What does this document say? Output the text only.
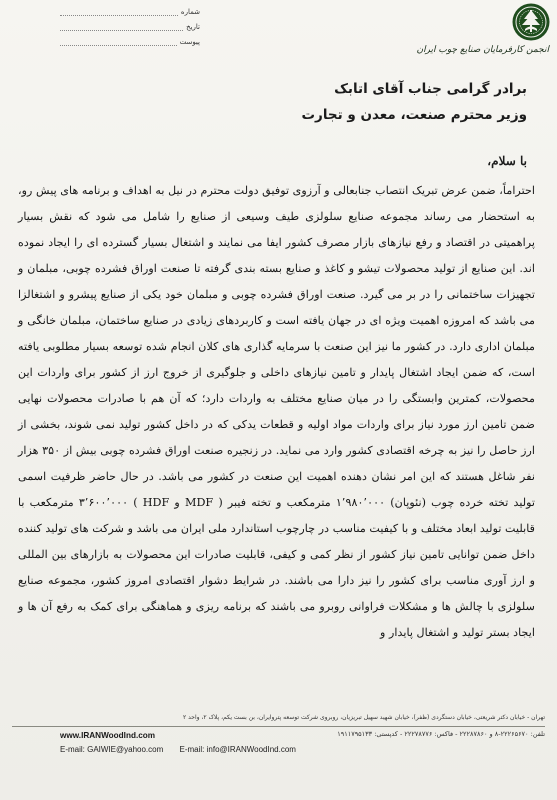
شماره
تاریخ
پیوست
انجمن کارفرمایان صنایع چوب ایران
برادر گرامی جناب آقای اتابک
وزیر محترم صنعت، معدن و تجارت
با سلام،

احتراماً، ضمن عرض تبریک انتصاب جنابعالی و آرزوی توفیق دولت محترم در نیل به اهداف و برنامه های پیش رو، به استحضار می رساند مجموعه صنایع سلولزی طیف وسیعی از صنایع را شامل می شود که نقش بسیار پراهمیتی در اقتصاد و رفع نیازهای بازار مصرف کشور ایفا می نمایند و اشتغال بسیار گسترده ای را ایجاد نموده اند. این صنایع از تولید محصولات تیشو و کاغذ و صنایع بسته بندی گرفته تا صنعت اوراق فشرده چوبی، مبلمان و تجهیزات ساختمانی را در بر می گیرد. صنعت اوراق فشرده چوبی و مبلمان خود یکی از صنایع پیشرو و اشتغالزا می باشد که امروزه اهمیت ویژه ای در جهان یافته است و کاربردهای زیادی در صنایع ساختمان، مبلمان خانگی و مبلمان اداری دارد. در کشور ما نیز این صنعت با سرمایه گذاری های کلان انجام شده توسعه بسیار مطلوبی یافته است، که ضمن ایجاد اشتغال پایدار و تامین نیازهای داخلی و جلوگیری از خروج ارز از کشور برای واردات این محصولات، کمترین وابستگی را در میان صنایع مختلف به واردات دارد؛ که آن هم با صادرات محصولات نهایی ضمن تامین ارز مورد نیاز برای واردات مواد اولیه و قطعات یدکی که در داخل کشور تولید نمی شوند، بخشی از ارز حاصل را نیز به چرخه اقتصادی کشور وارد می نماید. در زنجیره صنعت اوراق فشرده چوبی بیش از ۳۵۰ هزار نفر شاغل هستند که این امر نشان دهنده اهمیت این صنعت در کشور می باشد. در حال حاضر ظرفیت اسمی تولید تخته خرده چوب (نئوپان) ۱٬۹۸۰٬۰۰۰ مترمکعب و تخته فیبر ( MDF و HDF ) ۳٬۶۰۰٬۰۰۰ مترمکعب با قابلیت تولید ابعاد مختلف و با کیفیت مناسب در چارچوب استاندارد ملی ایران می باشد و شرکت های تولید کننده داخل ضمن توانایی تامین نیاز کشور از نظر کمی و کیفی، قابلیت صادرات این محصولات به بازارهای بین المللی و ارز آوری مناسب برای کشور را نیز دارا می باشند. در شرایط دشوار اقتصادی امروز کشور، مجموعه صنایع سلولزی با چالش ها و مشکلات فراوانی روبرو می باشند که برنامه ریزی و هماهنگی برای کمک به رفع آن ها و ایجاد بستر تولید و اشتغال پایدار و

تهران - خیابان دکتر شریعتی، خیابان دستگردی (ظفر)، خیابان شهید سهیل تبریزیان، روبروی شرکت توسعه پتروایران، بن بست یکم، پلاک ۲، واحد ۲
www.IRANWoodInd.com	تلفن: ۲۲۲۶۵۶۷۰-۸ و ۲۲۲۸۷۸۶۰ - فاکس: ۲۲۲۷۸۷۷۶ - کدپستی: ۱۹۱۱۷۹۵۱۳۳
E-mail: GAIWIE@yahoo.com E-mail: info@IRANWoodInd.com
